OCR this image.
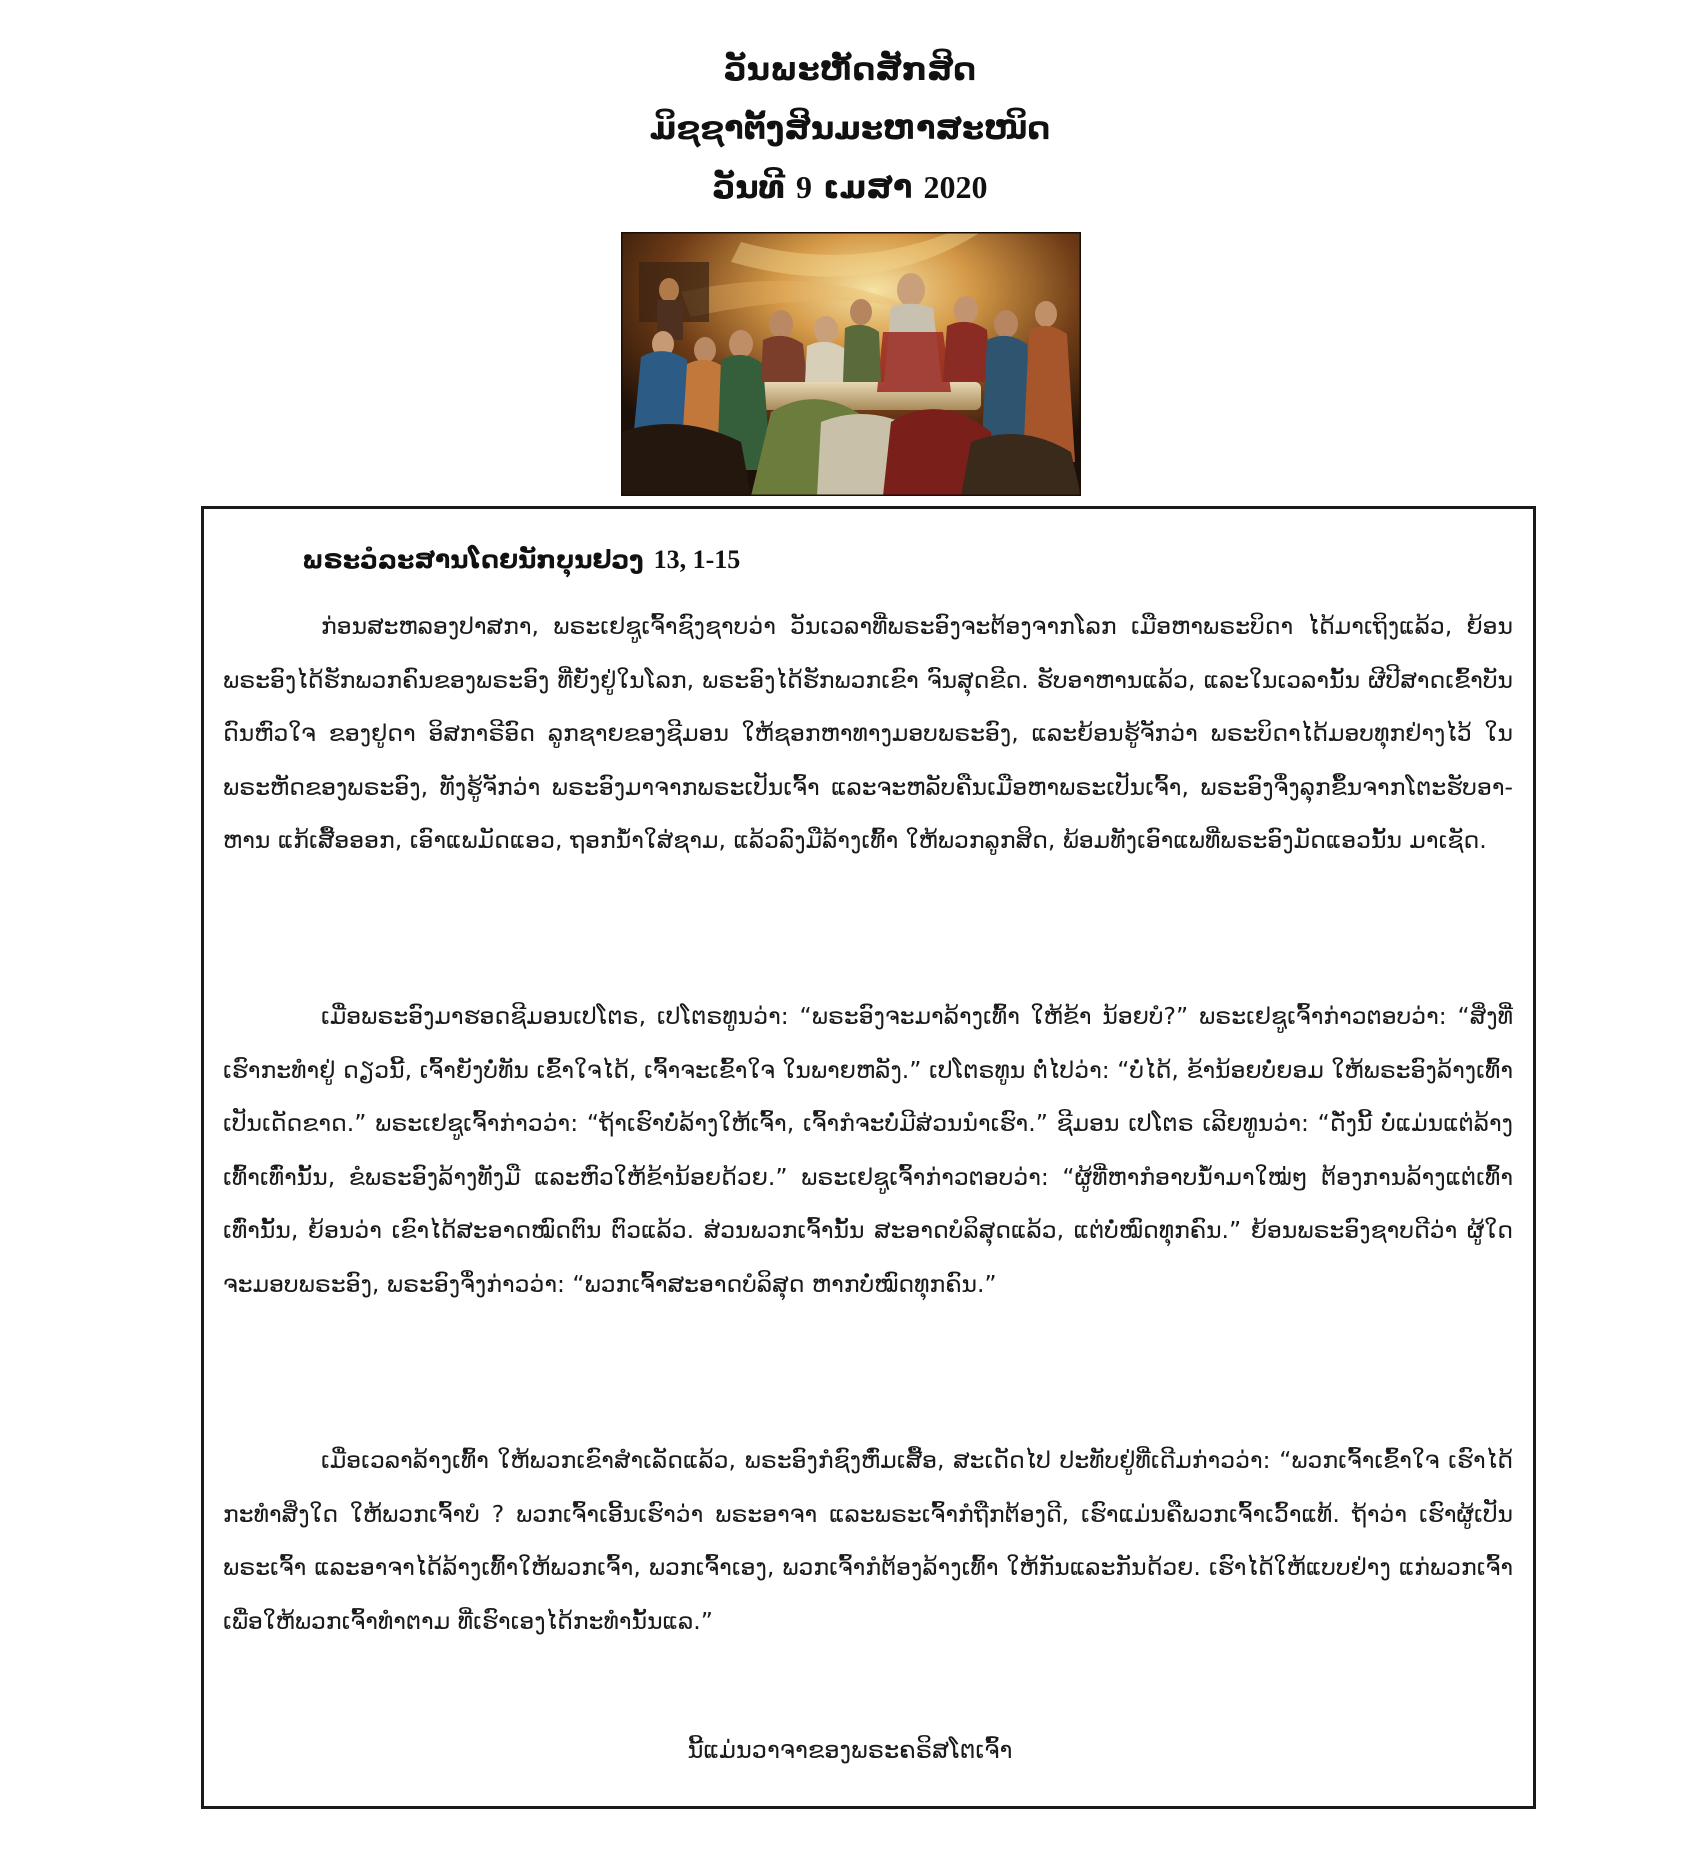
ວັນພະຫັດສັກສິດ
ມິຊຊາຕັ້ງສິນມະຫາສະໜິດ
ວັນທີ 9 ເມສາ 2020
ພຣະວໍລະສານໂດຍນັກບຸນຢວງ 13, 1-15

ກ່ອນສະຫລອງປາສກາ, ພຣະເຢຊູເຈົ້າຊົງຊາບວ່າ ວັນເວລາທີ່ພຣະອົງຈະຕ້ອງຈາກໂລກ ເມືອຫາພຣະບິດາ ໄດ້ມາເຖິງແລ້ວ, ຍ້ອນພຣະອົງໄດ້ຮັກພວກຄົນຂອງພຣະອົງ ທີ່ຍັງຢູ່ໃນໂລກ, ພຣະອົງໄດ້ຮັກພວກເຂົາ ຈົນສຸດຂີດ. ຮັບອາຫານແລ້ວ, ແລະໃນເວລານັ້ນ ຜີປີສາດເຂົ້າບັນດົນຫົວໃຈ ຂອງຢູດາ ອິສກາຣີອົດ ລູກຊາຍຂອງຊີມອນ ໃຫ້ຊອກຫາທາງມອບພຣະອົງ, ແລະຍ້ອນຮູ້ຈັກວ່າ ພຣະບິດາໄດ້ມອບທຸກຢ່າງໄວ້ ໃນພຣະຫັດຂອງພຣະອົງ, ທັງຮູ້ຈັກວ່າ ພຣະອົງມາຈາກພຣະເປັນເຈົ້າ ແລະຈະຫລັບຄືນເມືອຫາພຣະເປັນເຈົ້າ, ພຣະອົງຈຶ່ງລຸກຂຶ້ນຈາກໂຕະຮັບອາ-ຫານ ແກ້ເສື້ອອອກ, ເອົາແພມັດແອວ, ຖອກນ້ຳໃສ່ຊາມ, ແລ້ວລົງມືລ້າງເທົ້າ ໃຫ້ພວກລູກສິດ, ພ້ອມທັງເອົາແພທີ່ພຣະອົງມັດແອວນັ້ນ ມາເຊັດ.

ເມື່ອພຣະອົງມາຮອດຊີມອນເປໂຕຣ, ເປໂຕຣທູນວ່າ: “ພຣະອົງຈະມາລ້າງເທົ້າ ໃຫ້ຂ້າ ນ້ອຍບໍ?” ພຣະເຢຊູເຈົ້າກ່າວຕອບວ່າ: “ສິ່ງທີ່ເຮົາກະທຳຢູ່ ດຽວນີ້, ເຈົ້າຍັງບໍ່ທັນ ເຂົ້າໃຈໄດ້, ເຈົ້າຈະເຂົ້າໃຈ ໃນພາຍຫລັງ.” ເປໂຕຣທູນ ຕໍ່ໄປວ່າ: “ບໍ່ໄດ້, ຂ້ານ້ອຍບໍ່ຍອມ ໃຫ້ພຣະອົງລ້າງເທົ້າ ເປັນເດັດຂາດ.” ພຣະເຢຊູເຈົ້າກ່າວວ່າ: “ຖ້າເຮົາບໍ່ລ້າງໃຫ້ເຈົ້າ, ເຈົ້າກໍຈະບໍ່ມີສ່ວນນຳເຮົາ.” ຊີມອນ ເປໂຕຣ ເລີຍທູນວ່າ: “ດັ່ງນີ້ ບໍ່ແມ່ນແຕ່ລ້າງເທົ້າເທົ່ານັ້ນ, ຂໍພຣະອົງລ້າງທັງມື ແລະຫົວໃຫ້ຂ້ານ້ອຍດ້ວຍ.” ພຣະເຢຊູເຈົ້າກ່າວຕອບວ່າ: “ຜູ້ທີ່ຫາກໍອາບນ້ຳມາໃໝ່ໆ ຕ້ອງການລ້າງແຕ່ເທົ້າເທົ່ານັ້ນ, ຍ້ອນວ່າ ເຂົາໄດ້ສະອາດໝົດຕົນ ຕົວແລ້ວ. ສ່ວນພວກເຈົ້ານັ້ນ ສະອາດບໍລິສຸດແລ້ວ, ແຕ່ບໍ່ໝົດທຸກຄົນ.” ຍ້ອນພຣະອົງຊາບດີວ່າ ຜູ້ໃດຈະມອບພຣະອົງ, ພຣະອົງຈຶ່ງກ່າວວ່າ: “ພວກເຈົ້າສະອາດບໍລິສຸດ ຫາກບໍ່ໝົດທຸກຄົນ.”

ເມື່ອເວລາລ້າງເທົ້າ ໃຫ້ພວກເຂົາສຳເລັດແລ້ວ, ພຣະອົງກໍຊົງຫົ່ມເສື້ອ, ສະເດັດໄປ ປະທັບຢູ່ທີ່ເດີມກ່າວວ່າ: “ພວກເຈົ້າເຂົ້າໃຈ ເຮົາໄດ້ ກະທຳສິ່ງໃດ ໃຫ້ພວກເຈົ້າບໍ ? ພວກເຈົ້າເອີ້ນເຮົາວ່າ ພຣະອາຈາ ແລະພຣະເຈົ້າກໍຖືກຕ້ອງດີ, ເຮົາແມ່ນຄືພວກເຈົ້າເວົ້າແທ້. ຖ້າວ່າ ເຮົາຜູ້ເປັນ ພຣະເຈົ້າ ແລະອາຈາໄດ້ລ້າງເທົ້າໃຫ້ພວກເຈົ້າ, ພວກເຈົ້າເອງ, ພວກເຈົ້າກໍຕ້ອງລ້າງເທົ້າ ໃຫ້ກັນແລະກັນດ້ວຍ. ເຮົາໄດ້ໃຫ້ແບບຢ່າງ ແກ່ພວກເຈົ້າ ເພື່ອໃຫ້ພວກເຈົ້າທຳຕາມ ທີ່ເຮົາເອງໄດ້ກະທຳນັ້ນແລ.”

ນີ້ແມ່ນວາຈາຂອງພຣະຄຣິສໂຕເຈົ້າ
